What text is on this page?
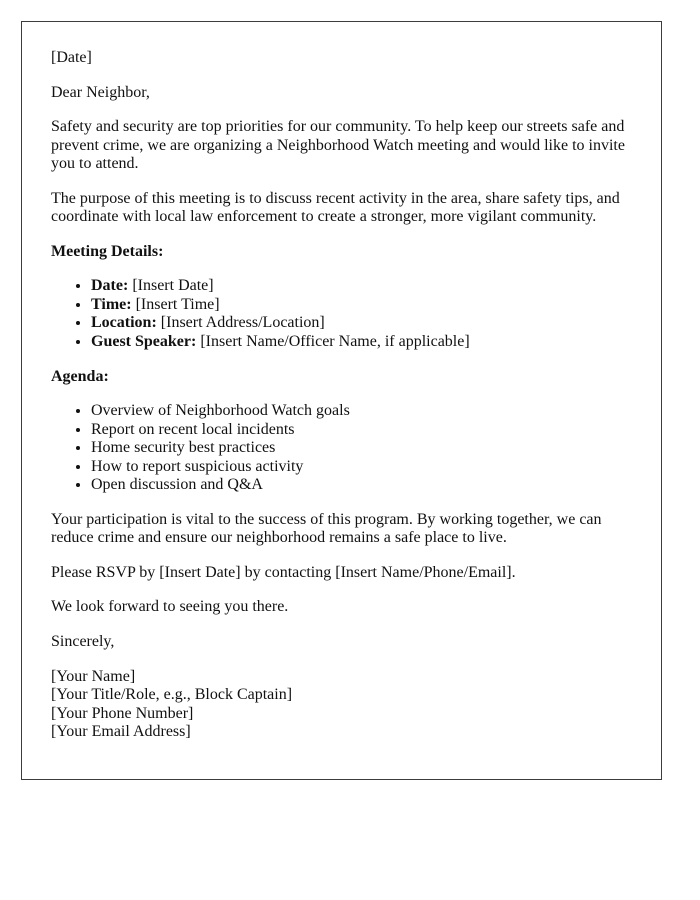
[Date]

Dear Neighbor,

Safety and security are top priorities for our community. To help keep our streets safe and prevent crime, we are organizing a Neighborhood Watch meeting and would like to invite you to attend.

The purpose of this meeting is to discuss recent activity in the area, share safety tips, and coordinate with local law enforcement to create a stronger, more vigilant community.

Meeting Details:

• Date: [Insert Date]
• Time: [Insert Time]
• Location: [Insert Address/Location]
• Guest Speaker: [Insert Name/Officer Name, if applicable]

Agenda:

• Overview of Neighborhood Watch goals
• Report on recent local incidents
• Home security best practices
• How to report suspicious activity
• Open discussion and Q&A

Your participation is vital to the success of this program. By working together, we can reduce crime and ensure our neighborhood remains a safe place to live.

Please RSVP by [Insert Date] by contacting [Insert Name/Phone/Email].

We look forward to seeing you there.

Sincerely,

[Your Name]
[Your Title/Role, e.g., Block Captain]
[Your Phone Number]
[Your Email Address]
